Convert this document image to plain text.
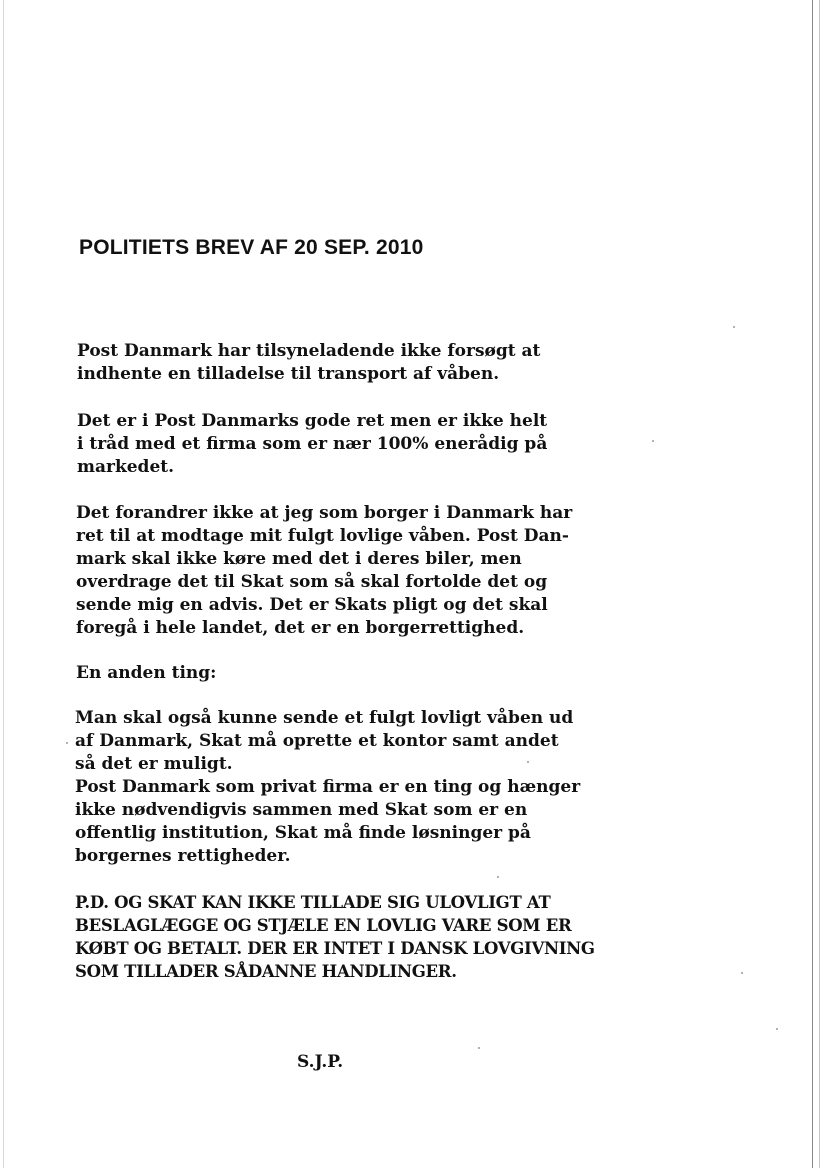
POLITIETS BREV AF 20 SEP. 2010
Post Danmark har tilsyneladende ikke forsøgt at
indhente en tilladelse til transport af våben.
Det er i Post Danmarks gode ret men er ikke helt
i tråd med et firma som er nær 100% enerådig på
markedet.
Det forandrer ikke at jeg som borger i Danmark har
ret til at modtage mit fulgt lovlige våben. Post Dan-
mark skal ikke køre med det i deres biler, men
overdrage det til Skat som så skal fortolde det og
sende mig en advis. Det er Skats pligt og det skal
foregå i hele landet, det er en borgerrettighed.
En anden ting:
Man skal også kunne sende et fulgt lovligt våben ud
af Danmark, Skat må oprette et kontor samt andet
så det er muligt.
Post Danmark som privat firma er en ting og hænger
ikke nødvendigvis sammen med Skat som er en
offentlig institution, Skat må finde løsninger på
borgernes rettigheder.
P.D. OG SKAT KAN IKKE TILLADE SIG ULOVLIGT AT
BESLAGLÆGGE OG STJÆLE EN LOVLIG VARE SOM ER
KØBT OG BETALT. DER ER INTET I DANSK LOVGIVNING
SOM TILLADER SÅDANNE HANDLINGER.
S.J.P.
